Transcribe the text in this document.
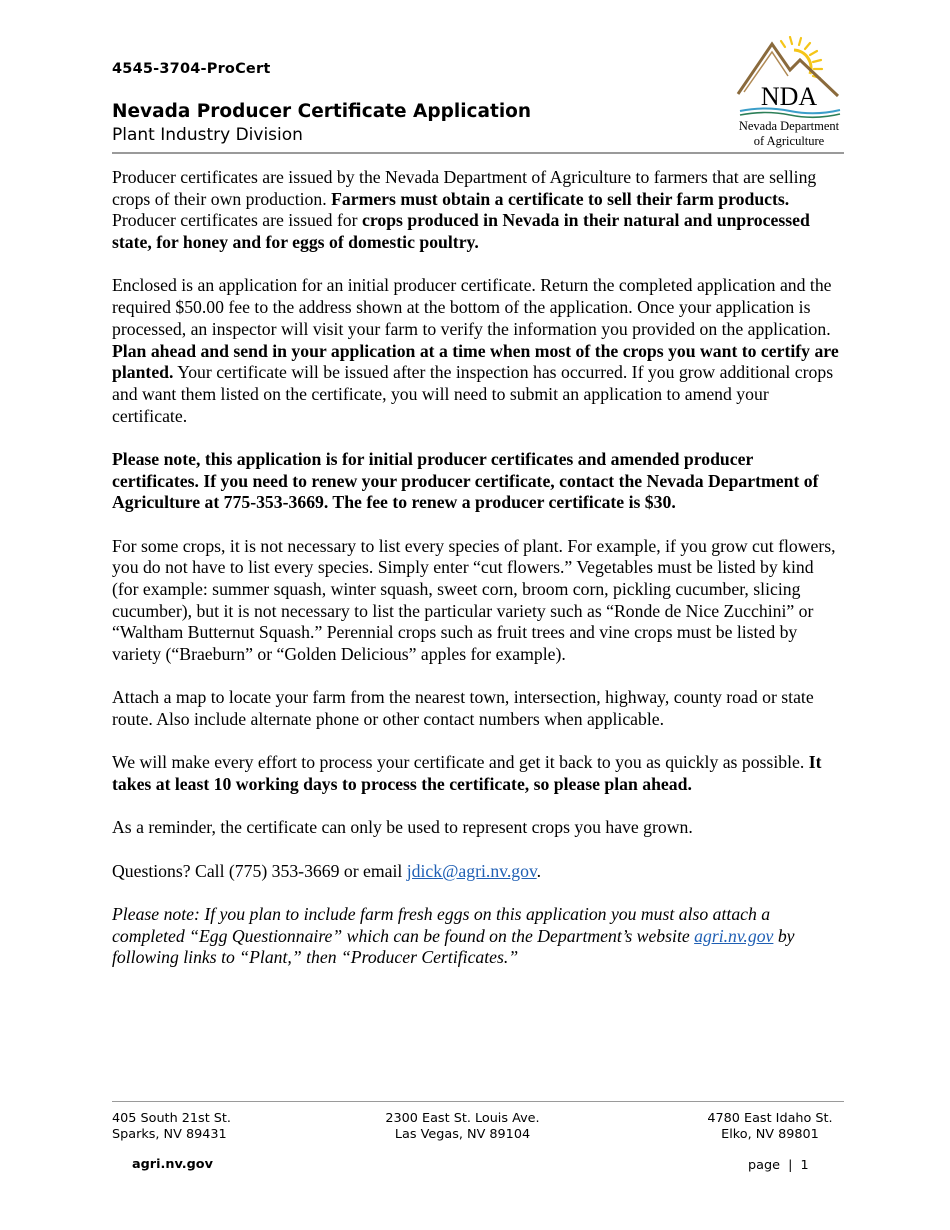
4545-3704-ProCert
Nevada Producer Certificate Application
Plant Industry Division
NDA
Nevada Department
of Agriculture

Producer certificates are issued by the Nevada Department of Agriculture to farmers that are selling crops of their own production. Farmers must obtain a certificate to sell their farm products. Producer certificates are issued for crops produced in Nevada in their natural and unprocessed state, for honey and for eggs of domestic poultry.

Enclosed is an application for an initial producer certificate. Return the completed application and the required $50.00 fee to the address shown at the bottom of the application. Once your application is processed, an inspector will visit your farm to verify the information you provided on the application. Plan ahead and send in your application at a time when most of the crops you want to certify are planted. Your certificate will be issued after the inspection has occurred. If you grow additional crops and want them listed on the certificate, you will need to submit an application to amend your certificate.

Please note, this application is for initial producer certificates and amended producer certificates. If you need to renew your producer certificate, contact the Nevada Department of Agriculture at 775-353-3669. The fee to renew a producer certificate is $30.

For some crops, it is not necessary to list every species of plant. For example, if you grow cut flowers, you do not have to list every species. Simply enter “cut flowers.” Vegetables must be listed by kind (for example: summer squash, winter squash, sweet corn, broom corn, pickling cucumber, slicing cucumber), but it is not necessary to list the particular variety such as “Ronde de Nice Zucchini” or “Waltham Butternut Squash.” Perennial crops such as fruit trees and vine crops must be listed by variety (“Braeburn” or “Golden Delicious” apples for example).

Attach a map to locate your farm from the nearest town, intersection, highway, county road or state route. Also include alternate phone or other contact numbers when applicable.

We will make every effort to process your certificate and get it back to you as quickly as possible. It takes at least 10 working days to process the certificate, so please plan ahead.

As a reminder, the certificate can only be used to represent crops you have grown.

Questions? Call (775) 353-3669 or email jdick@agri.nv.gov.

Please note: If you plan to include farm fresh eggs on this application you must also attach a completed “Egg Questionnaire” which can be found on the Department’s website agri.nv.gov by following links to “Plant,” then “Producer Certificates.”

405 South 21st St.
Sparks, NV 89431
2300 East St. Louis Ave.
Las Vegas, NV 89104
4780 East Idaho St.
Elko, NV 89801
agri.nv.gov	page  |  1
